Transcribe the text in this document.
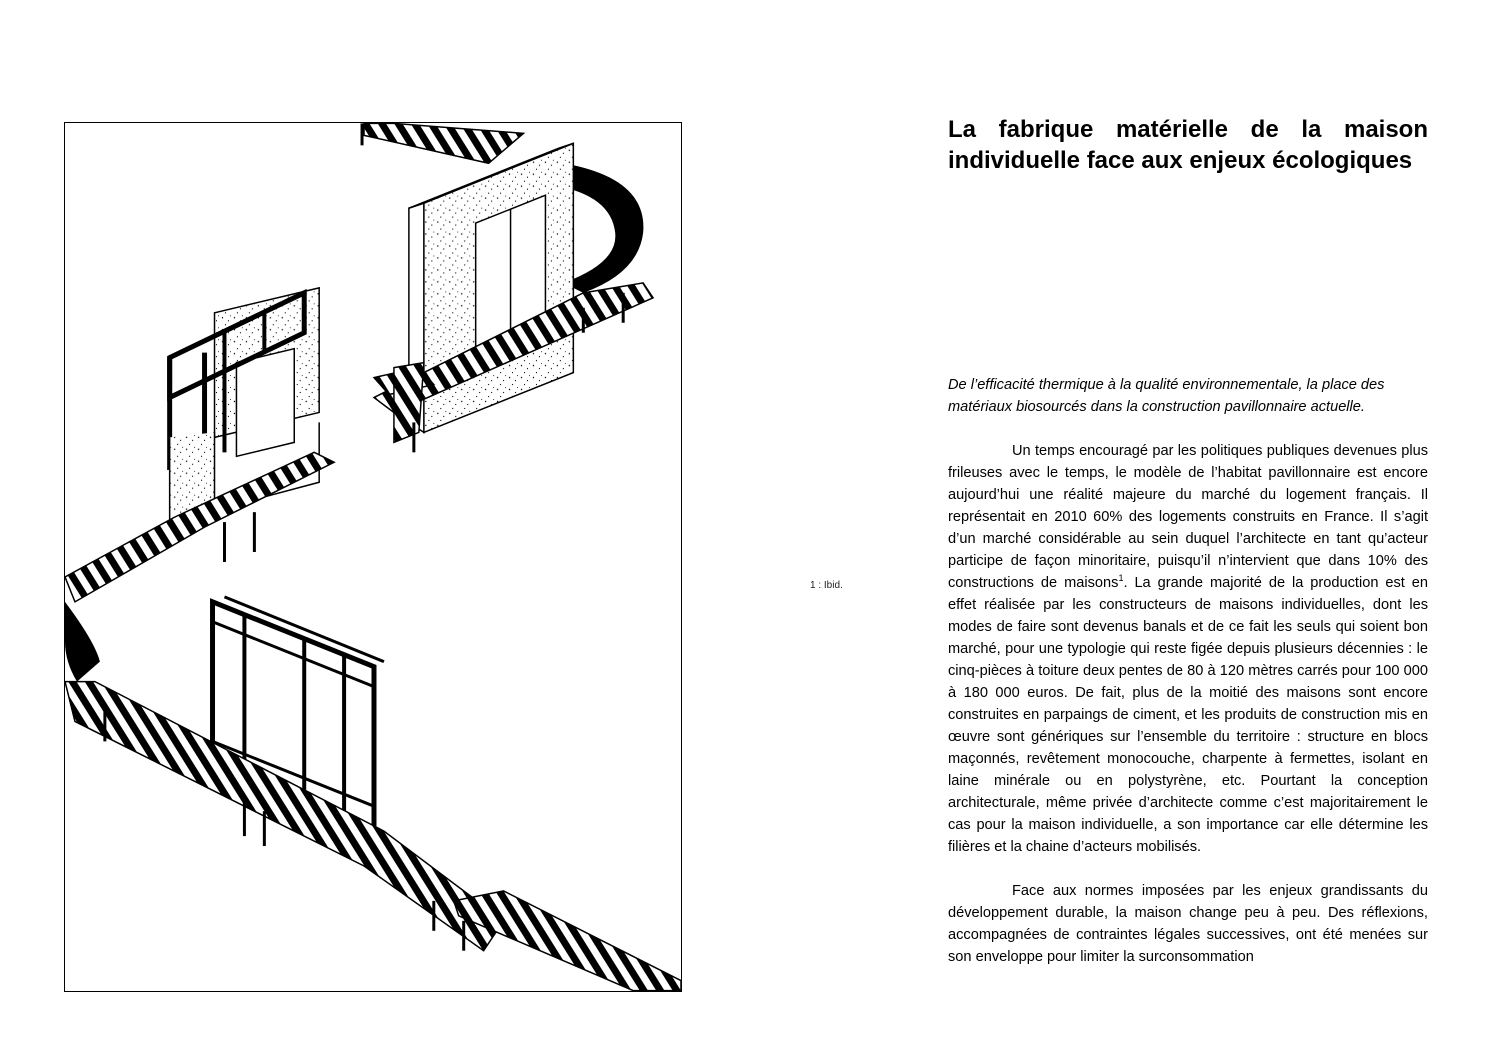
1 : Ibid.
La fabrique matérielle de la maison individuelle face aux enjeux écologiques

De l’efficacité thermique à la qualité environnementale, la place des matériaux biosourcés dans la construction pavillonnaire actuelle.

Un temps encouragé par les politiques publiques devenues plus frileuses avec le temps, le modèle de l’habitat pavillonnaire est encore aujourd’hui une réalité majeure du marché du logement français. Il représentait en 2010 60% des logements construits en France. Il s’agit d’un marché considérable au sein duquel l’architecte en tant qu’acteur participe de façon minoritaire, puisqu’il n’intervient que dans 10% des constructions de maisons$^1$. La grande majorité de la production est en effet réalisée par les constructeurs de maisons individuelles, dont les modes de faire sont devenus banals et de ce fait les seuls qui soient bon marché, pour une typologie qui reste figée depuis plusieurs décennies : le cinq-pièces à toiture deux pentes de 80 à 120 mètres carrés pour 100 000 à 180 000 euros. De fait, plus de la moitié des maisons sont encore construites en parpaings de ciment, et les produits de construction mis en œuvre sont génériques sur l’ensemble du territoire : structure en blocs maçonnés, revêtement monocouche, charpente à fermettes, isolant en laine minérale ou en polystyrène, etc. Pourtant la conception architecturale, même privée d’architecte comme c’est majoritairement le cas pour la maison individuelle, a son importance car elle détermine les filières et la chaine d’acteurs mobilisés.

Face aux normes imposées par les enjeux grandissants du développement durable, la maison change peu à peu. Des réflexions, accompagnées de contraintes légales successives, ont été menées sur son enveloppe pour limiter la surconsommation
